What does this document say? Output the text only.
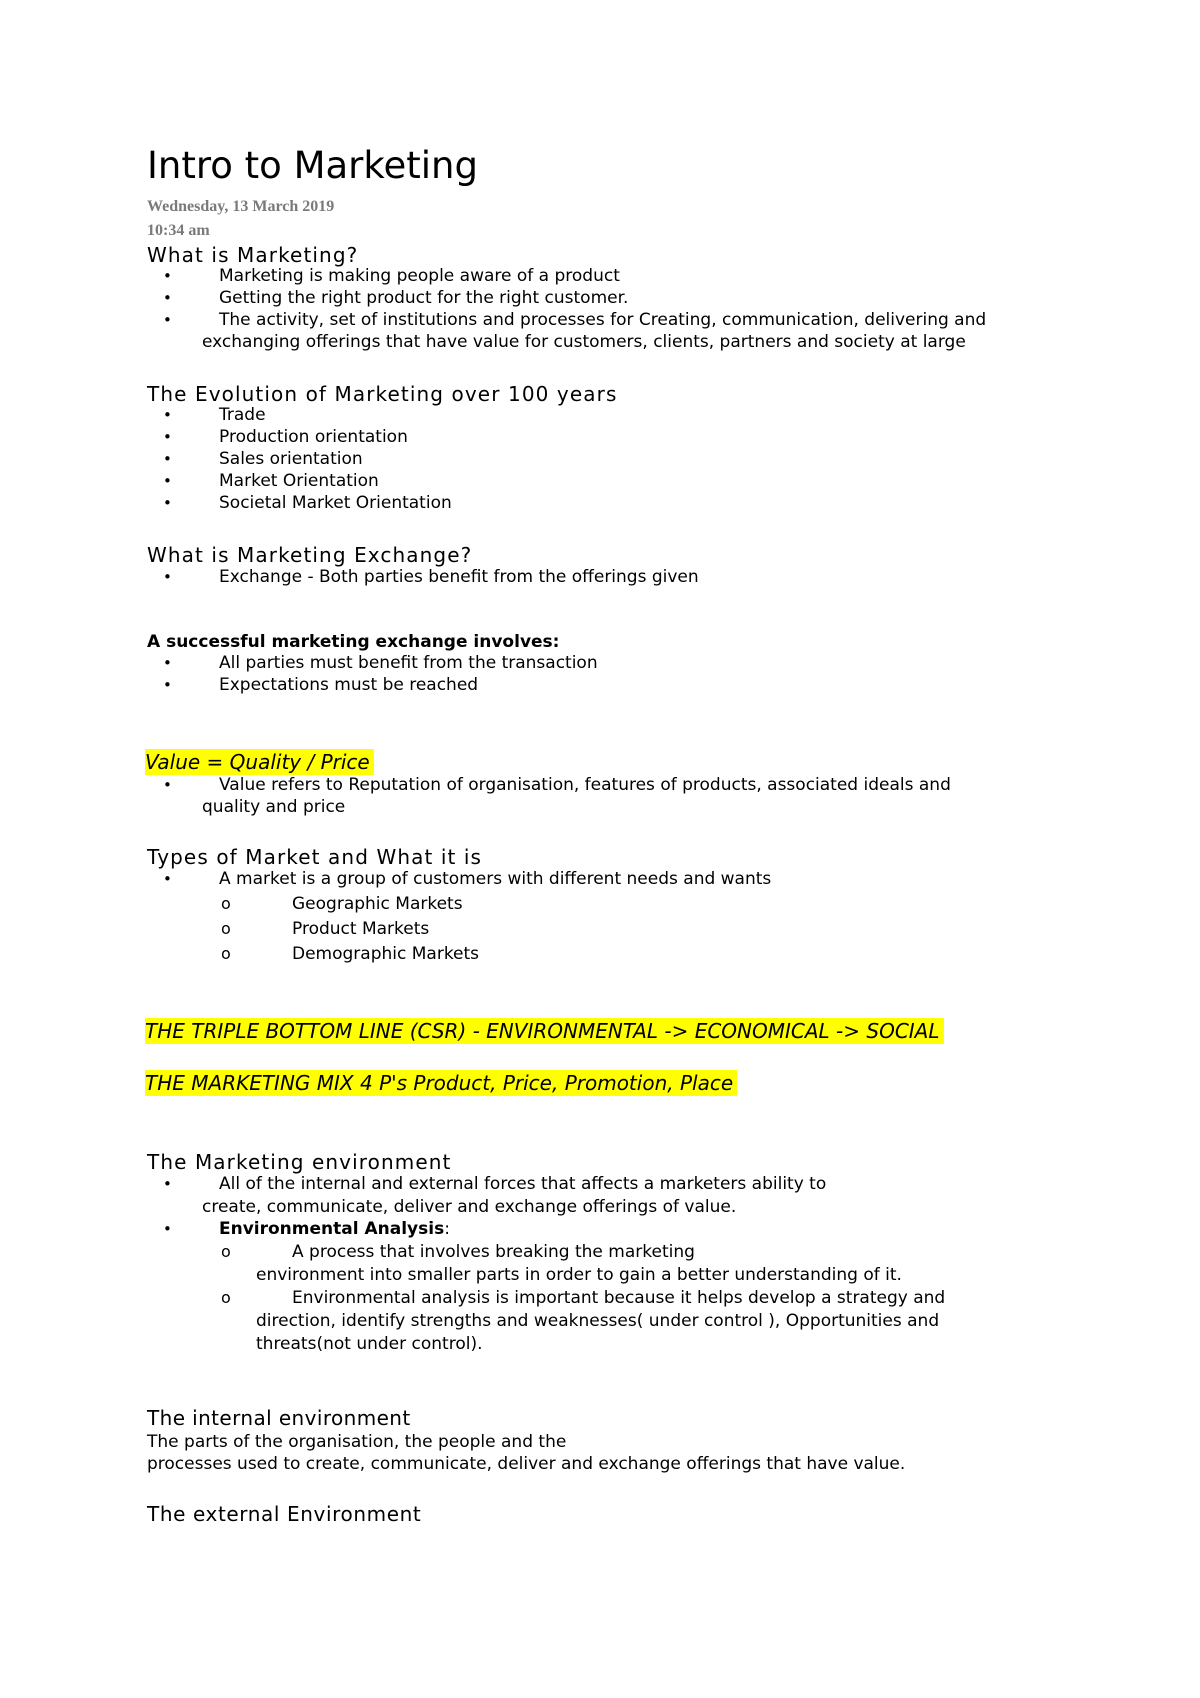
Intro to Marketing
Wednesday, 13 March 2019
10:34 am
What is Marketing?
•	Marketing is making people aware of a product
•	Getting the right product for the right customer.
•	The activity, set of institutions and processes for Creating, communication, delivering and
exchanging offerings that have value for customers, clients, partners and society at large
The Evolution of Marketing over 100 years
•	Trade
•	Production orientation
•	Sales orientation
•	Market Orientation
•	Societal Market Orientation
What is Marketing Exchange?
•	Exchange - Both parties benefit from the offerings given
A successful marketing exchange involves:
•	All parties must benefit from the transaction
•	Expectations must be reached
Value = Quality / Price
•	Value refers to Reputation of organisation, features of products, associated ideals and
quality and price
Types of Market and What it is
•	A market is a group of customers with different needs and wants
o	Geographic Markets
o	Product Markets
o	Demographic Markets
THE TRIPLE BOTTOM LINE (CSR) - ENVIRONMENTAL -> ECONOMICAL -> SOCIAL
THE MARKETING MIX 4 P's Product, Price, Promotion, Place
The Marketing environment
•	All of the internal and external forces that affects a marketers ability to
create, communicate, deliver and exchange offerings of value.
•	Environmental Analysis:
o	A process that involves breaking the marketing
environment into smaller parts in order to gain a better understanding of it.
o	Environmental analysis is important because it helps develop a strategy and
direction, identify strengths and weaknesses( under control ), Opportunities and
threats(not under control).
The internal environment
The parts of the organisation, the people and the
processes used to create, communicate, deliver and exchange offerings that have value.
The external Environment
